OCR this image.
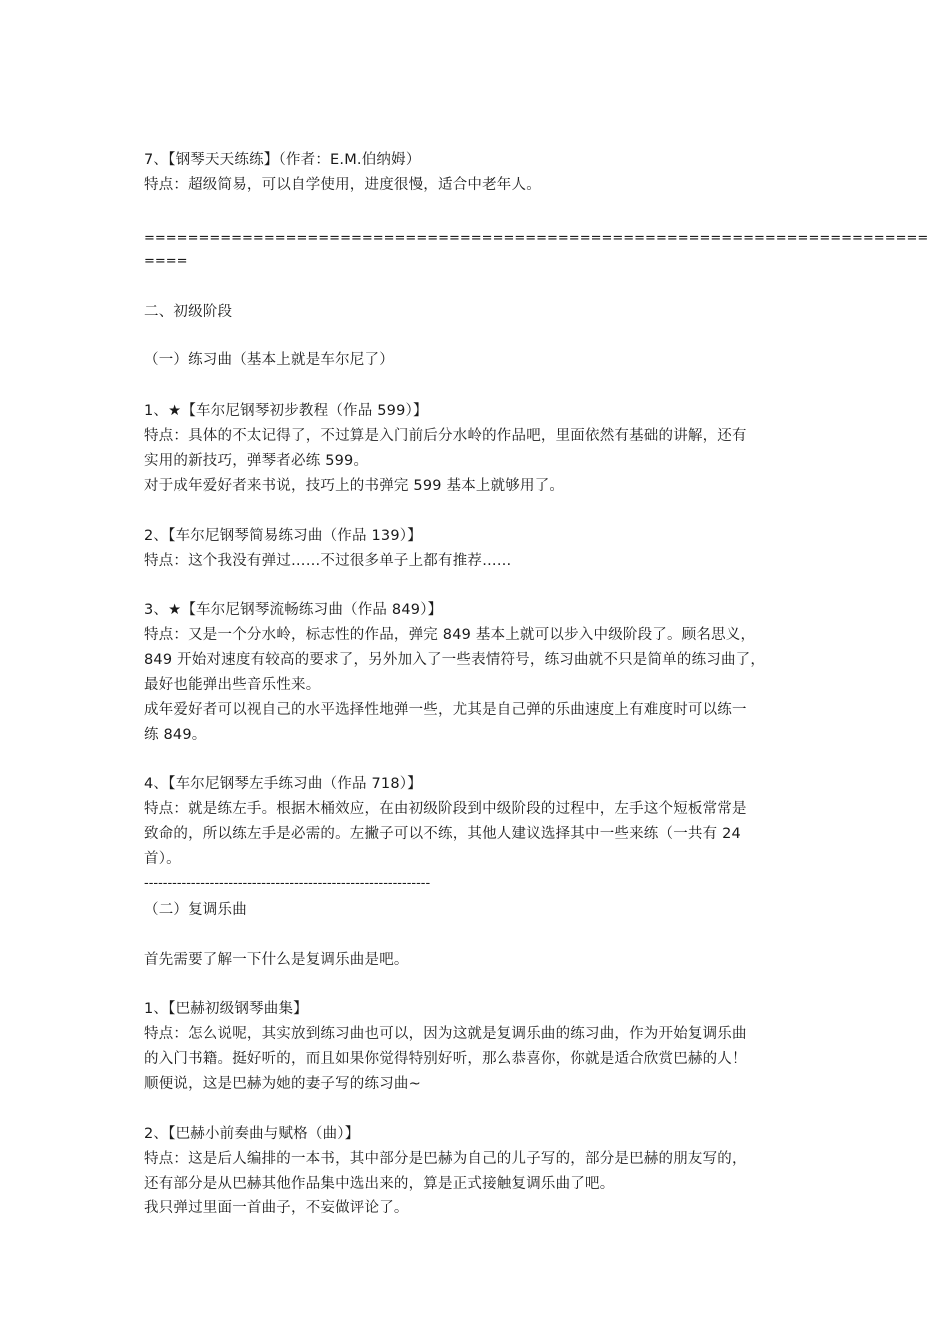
7、【钢琴天天练练】（作者：E.M.伯纳姆）
特点：超级简易，可以自学使用，进度很慢，适合中老年人。
========================================================================
====
二、初级阶段
（一）练习曲（基本上就是车尔尼了）
1、★【车尔尼钢琴初步教程（作品 599）】
特点：具体的不太记得了，不过算是入门前后分水岭的作品吧，里面依然有基础的讲解，还有
实用的新技巧，弹琴者必练 599。
对于成年爱好者来书说，技巧上的书弹完 599 基本上就够用了。
2、【车尔尼钢琴简易练习曲（作品 139）】
特点：这个我没有弹过……不过很多单子上都有推荐……
3、★【车尔尼钢琴流畅练习曲（作品 849）】
特点：又是一个分水岭，标志性的作品，弹完 849 基本上就可以步入中级阶段了。顾名思义，
849 开始对速度有较高的要求了，另外加入了一些表情符号，练习曲就不只是简单的练习曲了，
最好也能弹出些音乐性来。
成年爱好者可以视自己的水平选择性地弹一些，尤其是自己弹的乐曲速度上有难度时可以练一
练 849。
4、【车尔尼钢琴左手练习曲（作品 718）】
特点：就是练左手。根据木桶效应，在由初级阶段到中级阶段的过程中，左手这个短板常常是
致命的，所以练左手是必需的。左撇子可以不练，其他人建议选择其中一些来练（一共有 24
首）。
-------------------------------------------------------------
（二）复调乐曲
首先需要了解一下什么是复调乐曲是吧。
1、【巴赫初级钢琴曲集】
特点：怎么说呢，其实放到练习曲也可以，因为这就是复调乐曲的练习曲，作为开始复调乐曲
的入门书籍。挺好听的，而且如果你觉得特别好听，那么恭喜你，你就是适合欣赏巴赫的人！
顺便说，这是巴赫为她的妻子写的练习曲~
2、【巴赫小前奏曲与赋格（曲）】
特点：这是后人编排的一本书，其中部分是巴赫为自己的儿子写的，部分是巴赫的朋友写的，
还有部分是从巴赫其他作品集中选出来的，算是正式接触复调乐曲了吧。
我只弹过里面一首曲子，不妄做评论了。
